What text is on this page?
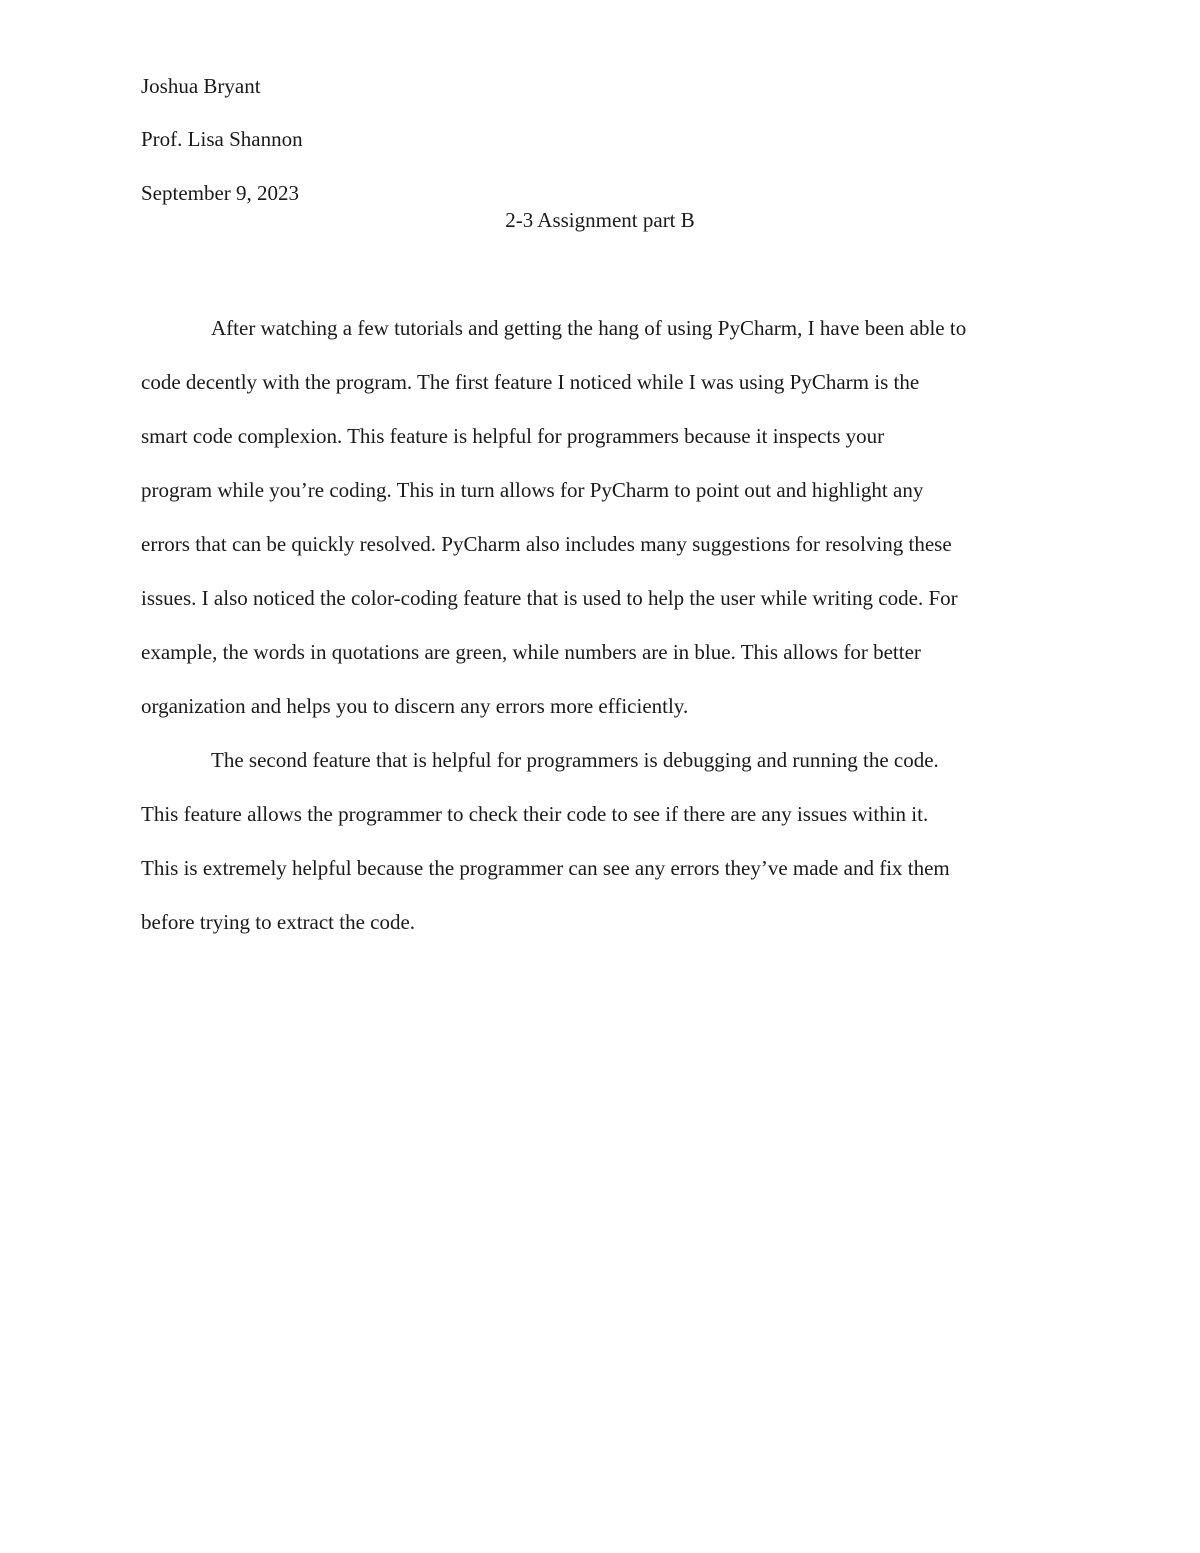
Joshua Bryant
Prof. Lisa Shannon
September 9, 2023
2-3 Assignment part B

After watching a few tutorials and getting the hang of using PyCharm, I have been able to
code decently with the program. The first feature I noticed while I was using PyCharm is the
smart code complexion. This feature is helpful for programmers because it inspects your
program while you’re coding. This in turn allows for PyCharm to point out and highlight any
errors that can be quickly resolved. PyCharm also includes many suggestions for resolving these
issues. I also noticed the color-coding feature that is used to help the user while writing code. For
example, the words in quotations are green, while numbers are in blue. This allows for better
organization and helps you to discern any errors more efficiently.

The second feature that is helpful for programmers is debugging and running the code.
This feature allows the programmer to check their code to see if there are any issues within it.
This is extremely helpful because the programmer can see any errors they’ve made and fix them
before trying to extract the code.
